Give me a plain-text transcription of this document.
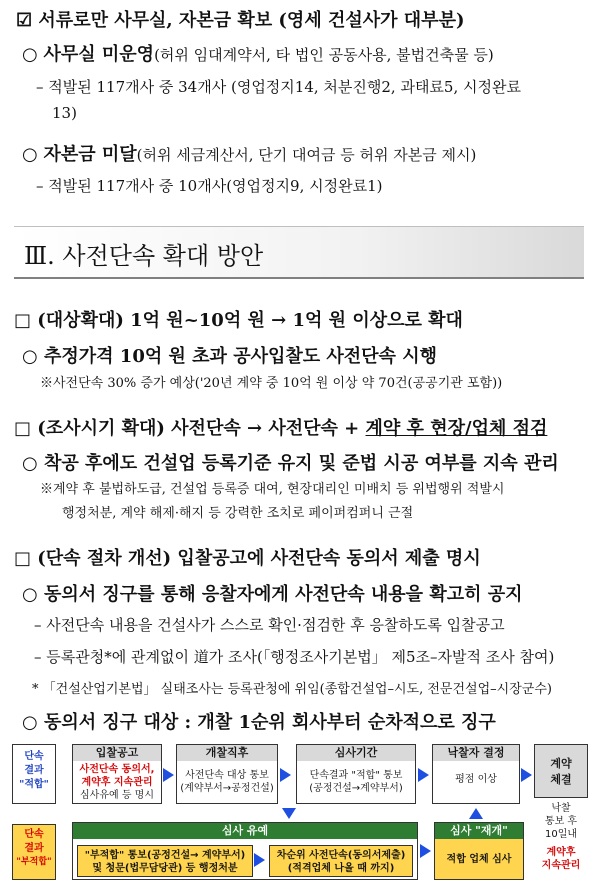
☑ 서류로만 사무실, 자본금 확보 (영세 건설사가 대부분)
○ 사무실 미운영(허위 임대계약서, 타 법인 공동사용, 불법건축물 등)
– 적발된 117개사 중 34개사 (영업정지14, 처분진행2, 과태료5, 시정완료
13)
○ 자본금 미달(허위 세금계산서, 단기 대여금 등 허위 자본금 제시)
– 적발된 117개사 중 10개사(영업정지9, 시정완료1)
Ⅲ. 사전단속 확대 방안
□ (대상확대) 1억 원~10억 원 → 1억 원 이상으로 확대
○ 추정가격 10억 원 초과 공사입찰도 사전단속 시행
※사전단속 30% 증가 예상('20년 계약 중 10억 원 이상 약 70건(공공기관 포함))
□ (조사시기 확대) 사전단속 → 사전단속 + 계약 후 현장/업체 점검
○ 착공 후에도 건설업 등록기준 유지 및 준법 시공 여부를 지속 관리
※계약 후 불법하도급, 건설업 등록증 대여, 현장대리인 미배치 등 위법행위 적발시
행정처분, 계약 해제·해지 등 강력한 조치로 페이퍼컴퍼니 근절
□ (단속 절차 개선) 입찰공고에 사전단속 동의서 제출 명시
○ 동의서 징구를 통해 응찰자에게 사전단속 내용을 확고히 공지
– 사전단속 내용을 건설사가 스스로 확인·점검한 후 응찰하도록 입찰공고
– 등록관청*에 관계없이 道가 조사(「행정조사기본법」 제5조–자발적 조사 참여)
* 「건설산업기본법」 실태조사는 등록관청에 위임(종합건설업–시도, 전문건설업–시장군수)
○ 동의서 징구 대상 : 개찰 1순위 회사부터 순차적으로 징구
단속
결과
"적합"
입찰공고
사전단속 동의서,
계약후 지속관리
심사유예 등 명시
개찰직후
사전단속 대상 통보
(계약부서→공정건설)
심사기간
단속결과 "적합" 통보
(공정건설→계약부서)
낙찰자 결정
평점 이상
계약
체결
낙찰
통보 후
10일내
계약후
지속관리
단속
결과
"부적합"
심사 유예
"부적합" 통보(공정건설→ 계약부서)
및 청문(법무담당관) 등 행정처분
차순위 사전단속(동의서제출)
(적격업체 나올 때 까지)
심사 "재개"
적합 업체 심사
